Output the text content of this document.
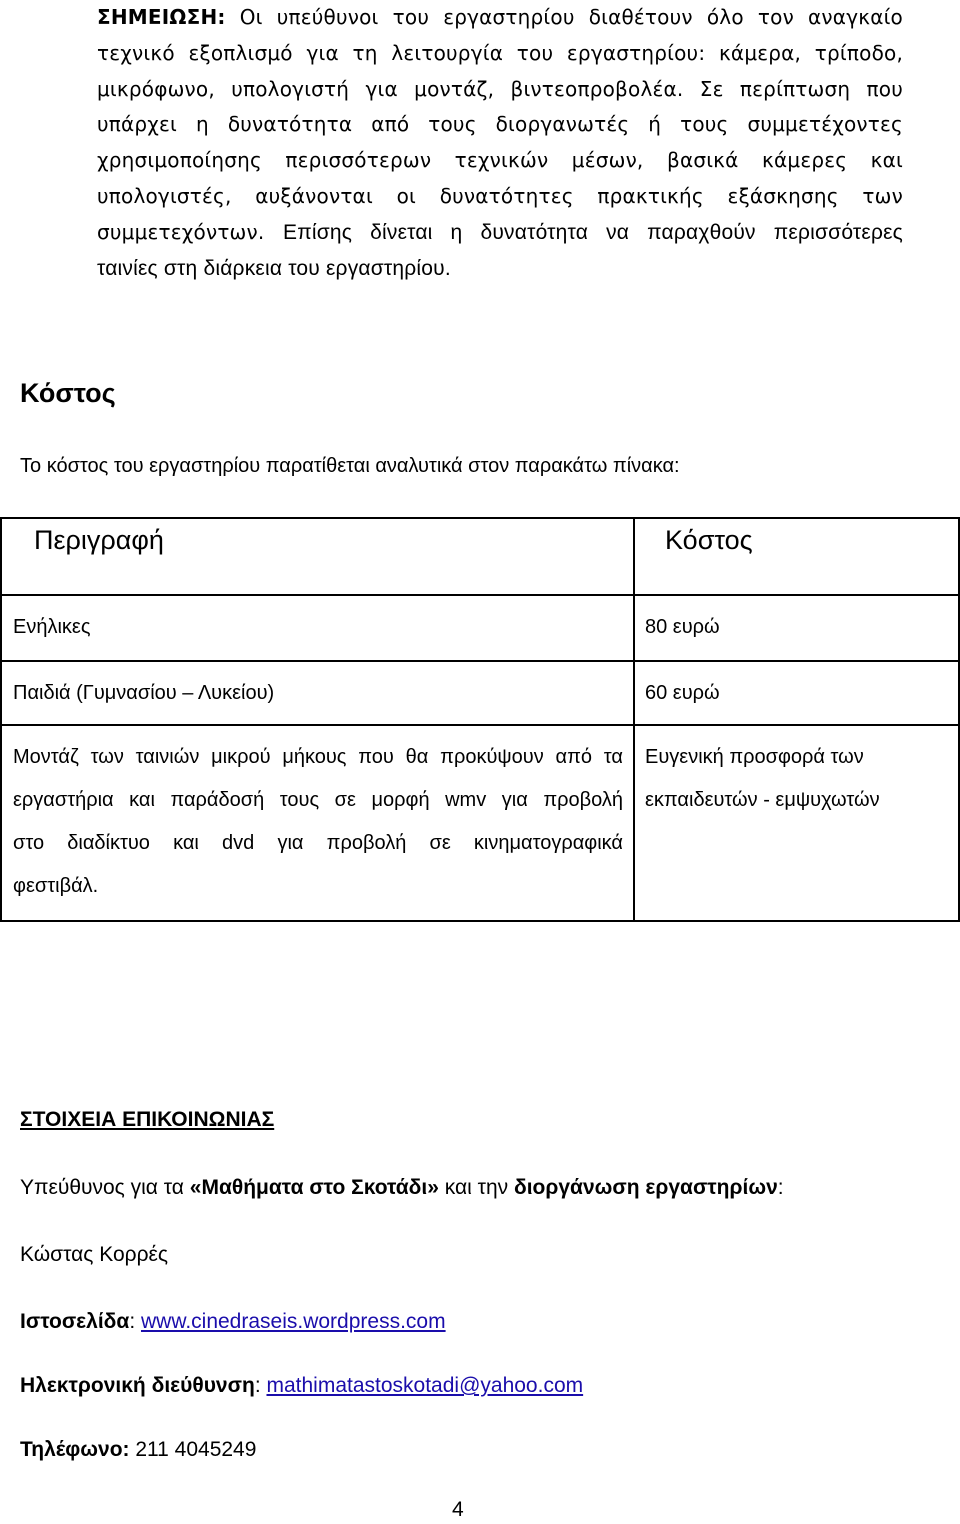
ΣΗΜΕΙΩΣΗ: Οι υπεύθυνοι του εργαστηρίου διαθέτουν όλο τον αναγκαίο
τεχνικό εξοπλισμό για τη λειτουργία του εργαστηρίου: κάμερα, τρίποδο,
μικρόφωνο, υπολογιστή για μοντάζ, βιντεοπροβολέα. Σε περίπτωση που
υπάρχει η δυνατότητα από τους διοργανωτές ή τους συμμετέχοντες
χρησιμοποίησης περισσότερων τεχνικών μέσων, βασικά κάμερες και
υπολογιστές, αυξάνονται οι δυνατότητες πρακτικής εξάσκησης των
συμμετεχόντων. Επίσης δίνεται η δυνατότητα να παραχθούν περισσότερες
ταινίες στη διάρκεια του εργαστηρίου.
Κόστος
Το κόστος του εργαστηρίου παρατίθεται αναλυτικά στον παρακάτω πίνακα:
Περιγραφή	Κόστος

Ενήλικες	80 ευρώ

Παιδιά (Γυμνασίου – Λυκείου)	60 ευρώ

Μοντάζ των ταινιών μικρού μήκους που θα προκύψουν από τα
εργαστήρια και παράδοσή τους σε μορφή wmv για προβολή
στο διαδίκτυο και dvd για προβολή σε κινηματογραφικά
φεστιβάλ.	Ευγενική προσφορά των
εκπαιδευτών - εμψυχωτών
ΣΤΟΙΧΕΙΑ ΕΠΙΚΟΙΝΩΝΙΑΣ
Υπεύθυνος για τα «Μαθήματα στο Σκοτάδι» και την διοργάνωση εργαστηρίων:
Κώστας Κορρές
Ιστοσελίδα: www.cinedraseis.wordpress.com
Ηλεκτρονική διεύθυνση: mathimatastoskotadi@yahoo.com
Τηλέφωνο: 211 4045249
4
